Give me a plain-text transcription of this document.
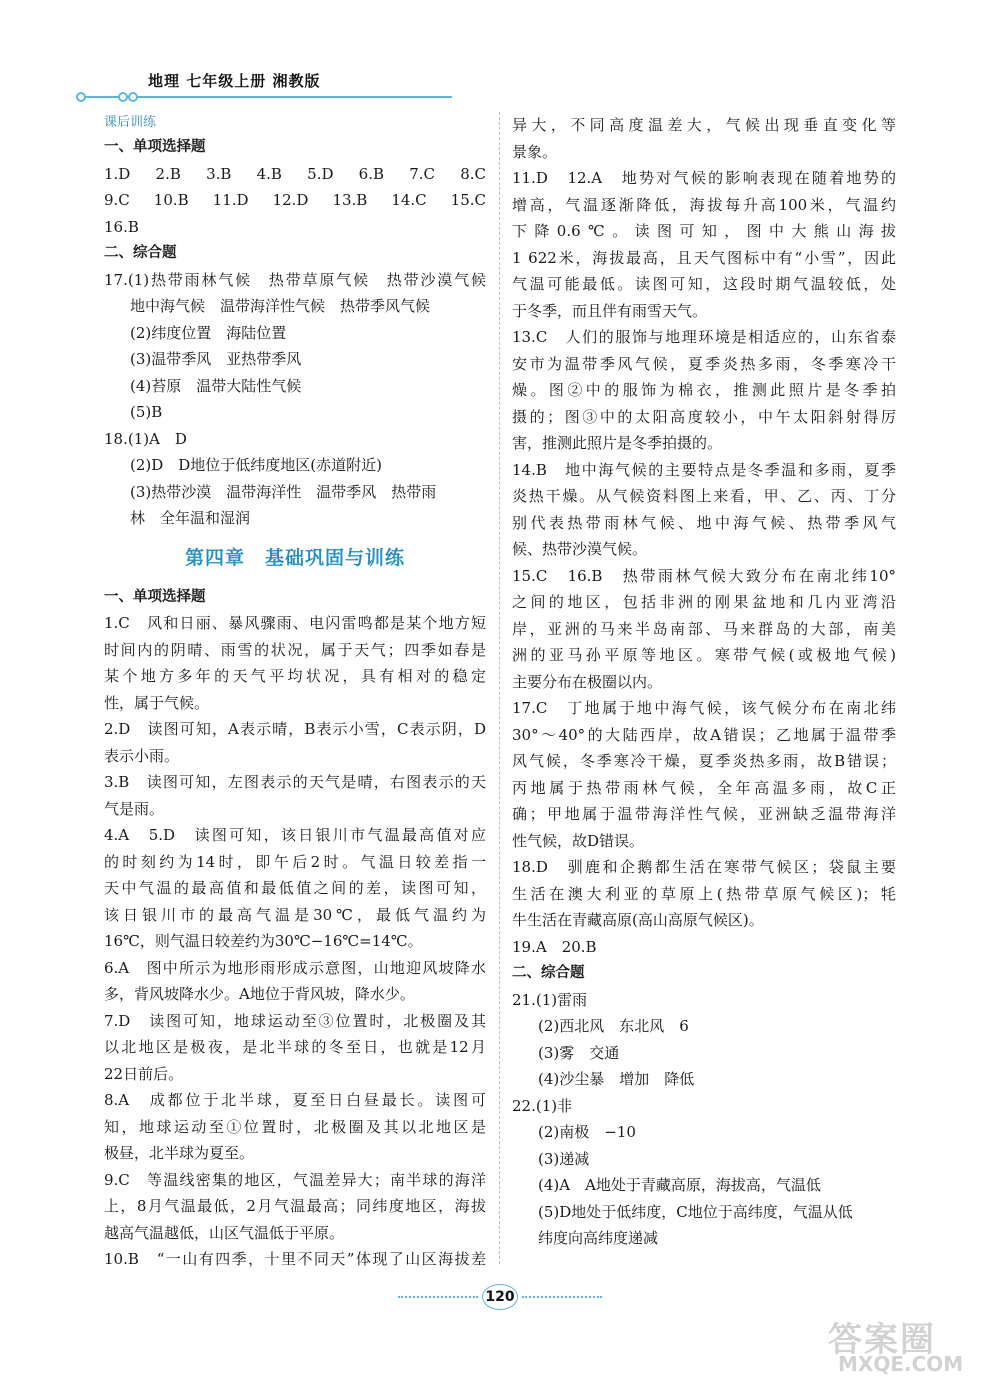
地理 七年级上册 湘教版
课后训练
一、单项选择题
1.D　2.B　3.B　4.B　5.D　6.B　7.C　8.C
9.C　10.B　11.D　12.D　13.B　14.C　15.C
16.B
二、综合题
17.(1)热带雨林气候　热带草原气候　热带沙漠气候
地中海气候　温带海洋性气候　热带季风气候
(2)纬度位置　海陆位置
(3)温带季风　亚热带季风
(4)苔原　温带大陆性气候
(5)B
18.(1)A　D
(2)D　D地位于低纬度地区(赤道附近)
(3)热带沙漠　温带海洋性　温带季风　热带雨
林　全年温和湿润
第四章　基础巩固与训练
一、单项选择题
1.C　风和日丽、暴风骤雨、电闪雷鸣都是某个地方短
时间内的阴晴、雨雪的状况，属于天气；四季如春是
某个地方多年的天气平均状况，具有相对的稳定
性，属于气候。
2.D　读图可知，A表示晴，B表示小雪，C表示阴，D
表示小雨。
3.B　读图可知，左图表示的天气是晴，右图表示的天
气是雨。
4.A　5.D　读图可知，该日银川市气温最高值对应
的时刻约为14时，即午后2时。气温日较差指一
天中气温的最高值和最低值之间的差，读图可知，
该日银川市的最高气温是30℃，最低气温约为
16℃，则气温日较差约为30℃−16℃=14℃。
6.A　图中所示为地形雨形成示意图，山地迎风坡降水
多，背风坡降水少。A地位于背风坡，降水少。
7.D　读图可知，地球运动至③位置时，北极圈及其
以北地区是极夜，是北半球的冬至日，也就是12月
22日前后。
8.A　成都位于北半球，夏至日白昼最长。读图可
知，地球运动至①位置时，北极圈及其以北地区是
极昼，北半球为夏至。
9.C　等温线密集的地区，气温差异大；南半球的海洋
上，8月气温最低，2月气温最高；同纬度地区，海拔
越高气温越低，山区气温低于平原。
10.B　“一山有四季，十里不同天”体现了山区海拔差
异大，不同高度温差大，气候出现垂直变化等
景象。
11.D　12.A　地势对气候的影响表现在随着地势的
增高，气温逐渐降低，海拔每升高100米，气温约
下降0.6℃。读图可知，图中大熊山海拔
1 622米，海拔最高，且天气图标中有“小雪”，因此
气温可能最低。读图可知，这段时期气温较低，处
于冬季，而且伴有雨雪天气。
13.C　人们的服饰与地理环境是相适应的，山东省泰
安市为温带季风气候，夏季炎热多雨，冬季寒冷干
燥。图②中的服饰为棉衣，推测此照片是冬季拍
摄的；图③中的太阳高度较小，中午太阳斜射得厉
害，推测此照片是冬季拍摄的。
14.B　地中海气候的主要特点是冬季温和多雨，夏季
炎热干燥。从气候资料图上来看，甲、乙、丙、丁分
别代表热带雨林气候、地中海气候、热带季风气
候、热带沙漠气候。
15.C　16.B　热带雨林气候大致分布在南北纬10°
之间的地区，包括非洲的刚果盆地和几内亚湾沿
岸，亚洲的马来半岛南部、马来群岛的大部，南美
洲的亚马孙平原等地区。寒带气候(或极地气候)
主要分布在极圈以内。
17.C　丁地属于地中海气候，该气候分布在南北纬
30°～40°的大陆西岸，故A错误；乙地属于温带季
风气候，冬季寒冷干燥，夏季炎热多雨，故B错误；
丙地属于热带雨林气候，全年高温多雨，故C正
确；甲地属于温带海洋性气候，亚洲缺乏温带海洋
性气候，故D错误。
18.D　驯鹿和企鹅都生活在寒带气候区；袋鼠主要
生活在澳大利亚的草原上(热带草原气候区)；牦
牛生活在青藏高原(高山高原气候区)。
19.A　20.B
二、综合题
21.(1)雷雨
(2)西北风　东北风　6
(3)雾　交通
(4)沙尘暴　增加　降低
22.(1)非
(2)南极　−10
(3)递减
(4)A　A地处于青藏高原，海拔高，气温低
(5)D地处于低纬度，C地位于高纬度，气温从低
纬度向高纬度递减
120
答案圈
MXQE.COM
